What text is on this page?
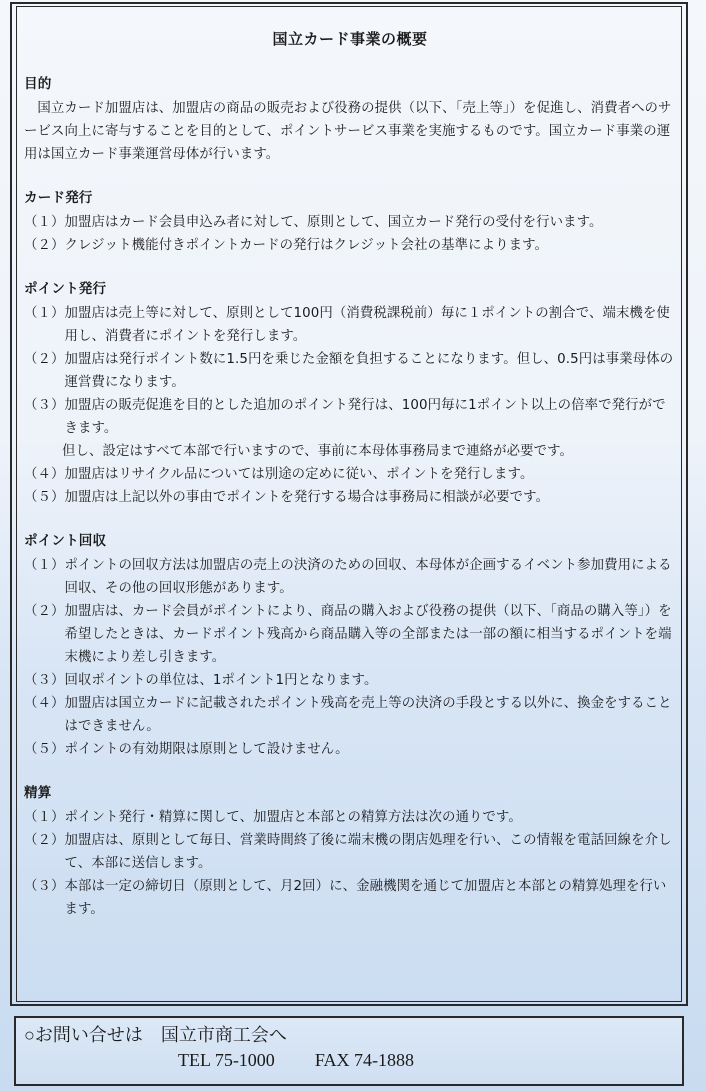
国立カード事業の概要
目的
国立カード加盟店は、加盟店の商品の販売および役務の提供（以下、「売上等」）を促進し、消費者へのサービス向上に寄与することを目的として、ポイントサービス事業を実施するものです。国立カード事業の運用は国立カード事業運営母体が行います。
カード発行
（１） 加盟店はカード会員申込み者に対して、原則として、国立カード発行の受付を行います。
（２） クレジット機能付きポイントカードの発行はクレジット会社の基準によります。
ポイント発行
（１） 加盟店は売上等に対して、原則として100円（消費税課税前）毎に１ポイントの割合で、端末機を使用し、消費者にポイントを発行します。
（２） 加盟店は発行ポイント数に1.5円を乗じた金額を負担することになります。但し、0.5円は事業母体の運営費になります。
（３） 加盟店の販売促進を目的とした追加のポイント発行は、100円毎に1ポイント以上の倍率で発行ができます。
但し、設定はすべて本部で行いますので、事前に本母体事務局まで連絡が必要です。
（４） 加盟店はリサイクル品については別途の定めに従い、ポイントを発行します。
（５） 加盟店は上記以外の事由でポイントを発行する場合は事務局に相談が必要です。
ポイント回収
（１） ポイントの回収方法は加盟店の売上の決済のための回収、本母体が企画するイベント参加費用による回収、その他の回収形態があります。
（２） 加盟店は、カード会員がポイントにより、商品の購入および役務の提供（以下、「商品の購入等」）を希望したときは、カードポイント残高から商品購入等の全部または一部の額に相当するポイントを端末機により差し引きます。
（３） 回収ポイントの単位は、1ポイント1円となります。
（４） 加盟店は国立カードに記載されたポイント残高を売上等の決済の手段とする以外に、換金をすることはできません。
（５） ポイントの有効期限は原則として設けません。
精算
（１） ポイント発行・精算に関して、加盟店と本部との精算方法は次の通りです。
（２） 加盟店は、原則として毎日、営業時間終了後に端末機の閉店処理を行い、この情報を電話回線を介して、本部に送信します。
（３） 本部は一定の締切日（原則として、月2回）に、金融機関を通じて加盟店と本部との精算処理を行います。
○お問い合せは　国立市商工会へ
TEL 75-1000 FAX 74-1888
